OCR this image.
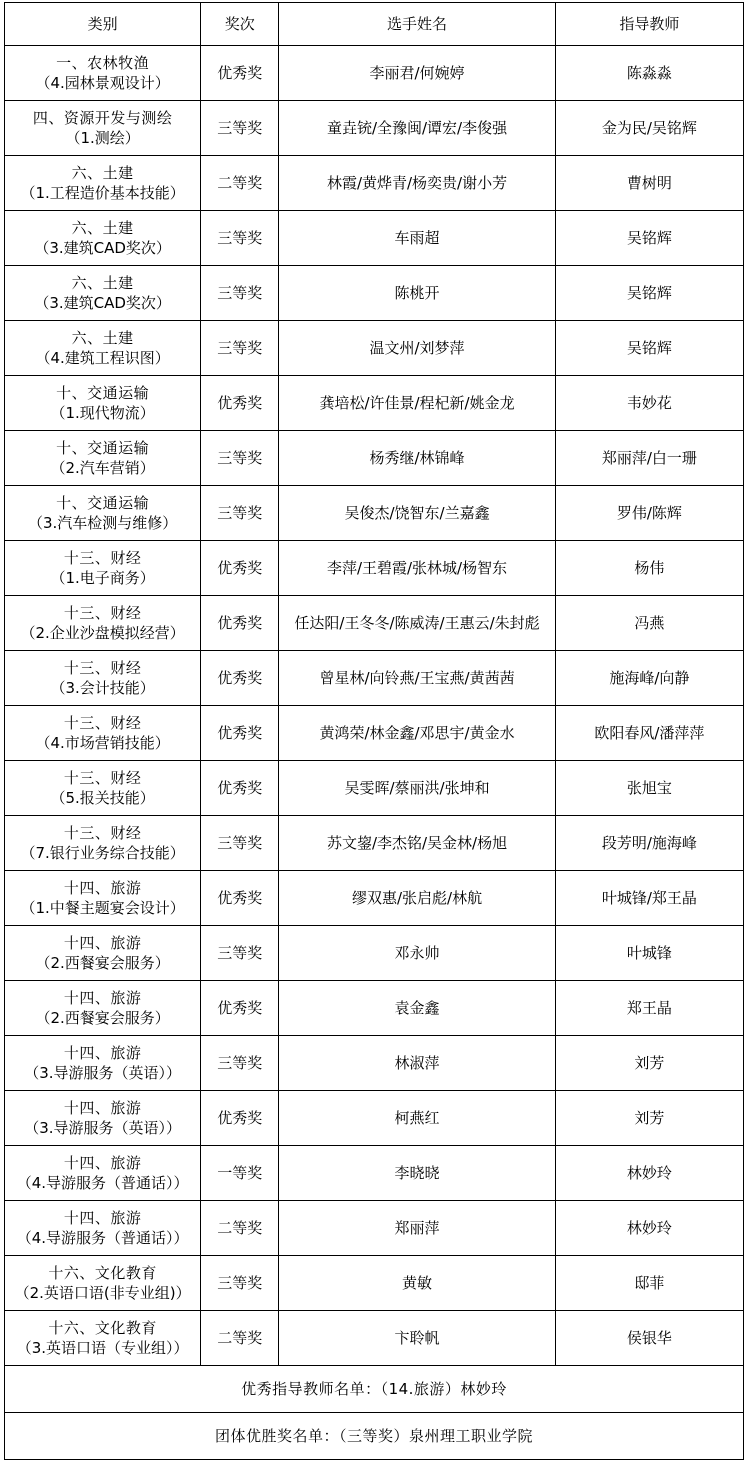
类别	奖次	选手姓名	指导教师

一、农林牧渔
（4.园林景观设计）	优秀奖	李丽君/何婉婷	陈淼淼

四、资源开发与测绘
（1.测绘）	三等奖	童垚铳/全豫闽/谭宏/李俊强	金为民/吴铭辉

六、土建
（1.工程造价基本技能）	二等奖	林霞/黄烨青/杨奕贵/谢小芳	曹树明

六、土建
（3.建筑CAD奖次）	三等奖	车雨超	吴铭辉

六、土建
（3.建筑CAD奖次）	三等奖	陈桃开	吴铭辉

六、土建
（4.建筑工程识图）	三等奖	温文州/刘梦萍	吴铭辉

十、交通运输
（1.现代物流）	优秀奖	龚培松/许佳景/程杞新/姚金龙	韦妙花

十、交通运输
（2.汽车营销）	三等奖	杨秀继/林锦峰	郑丽萍/白一珊

十、交通运输
（3.汽车检测与维修）	三等奖	吴俊杰/饶智东/兰嘉鑫	罗伟/陈辉

十三、财经
（1.电子商务）	优秀奖	李萍/王碧霞/张林城/杨智东	杨伟

十三、财经
（2.企业沙盘模拟经营）	优秀奖	任达阳/王冬冬/陈威涛/王惠云/朱封彪	冯燕

十三、财经
（3.会计技能）	优秀奖	曾星林/向铃燕/王宝燕/黄茜茜	施海峰/向静

十三、财经
（4.市场营销技能）	优秀奖	黄鸿荣/林金鑫/邓思宇/黄金水	欧阳春风/潘萍萍

十三、财经
（5.报关技能）	优秀奖	吴雯晖/蔡丽洪/张坤和	张旭宝

十三、财经
（7.银行业务综合技能）	三等奖	苏文鋆/李杰铭/吴金林/杨旭	段芳明/施海峰

十四、旅游
（1.中餐主题宴会设计）	优秀奖	缪双惠/张启彪/林航	叶城锋/郑王晶

十四、旅游
（2.西餐宴会服务）	三等奖	邓永帅	叶城锋

十四、旅游
（2.西餐宴会服务）	优秀奖	袁金鑫	郑王晶

十四、旅游
（3.导游服务（英语））	三等奖	林淑萍	刘芳

十四、旅游
（3.导游服务（英语））	优秀奖	柯燕红	刘芳

十四、旅游
（4.导游服务（普通话））	一等奖	李晓晓	林妙玲

十四、旅游
（4.导游服务（普通话））	二等奖	郑丽萍	林妙玲

十六、文化教育
（2.英语口语(非专业组)）	三等奖	黄敏	邸菲

十六、文化教育
（3.英语口语（专业组））	二等奖	卞聆帆	侯银华
优秀指导教师名单：（14.旅游）林妙玲			
团体优胜奖名单：（三等奖）泉州理工职业学院			
